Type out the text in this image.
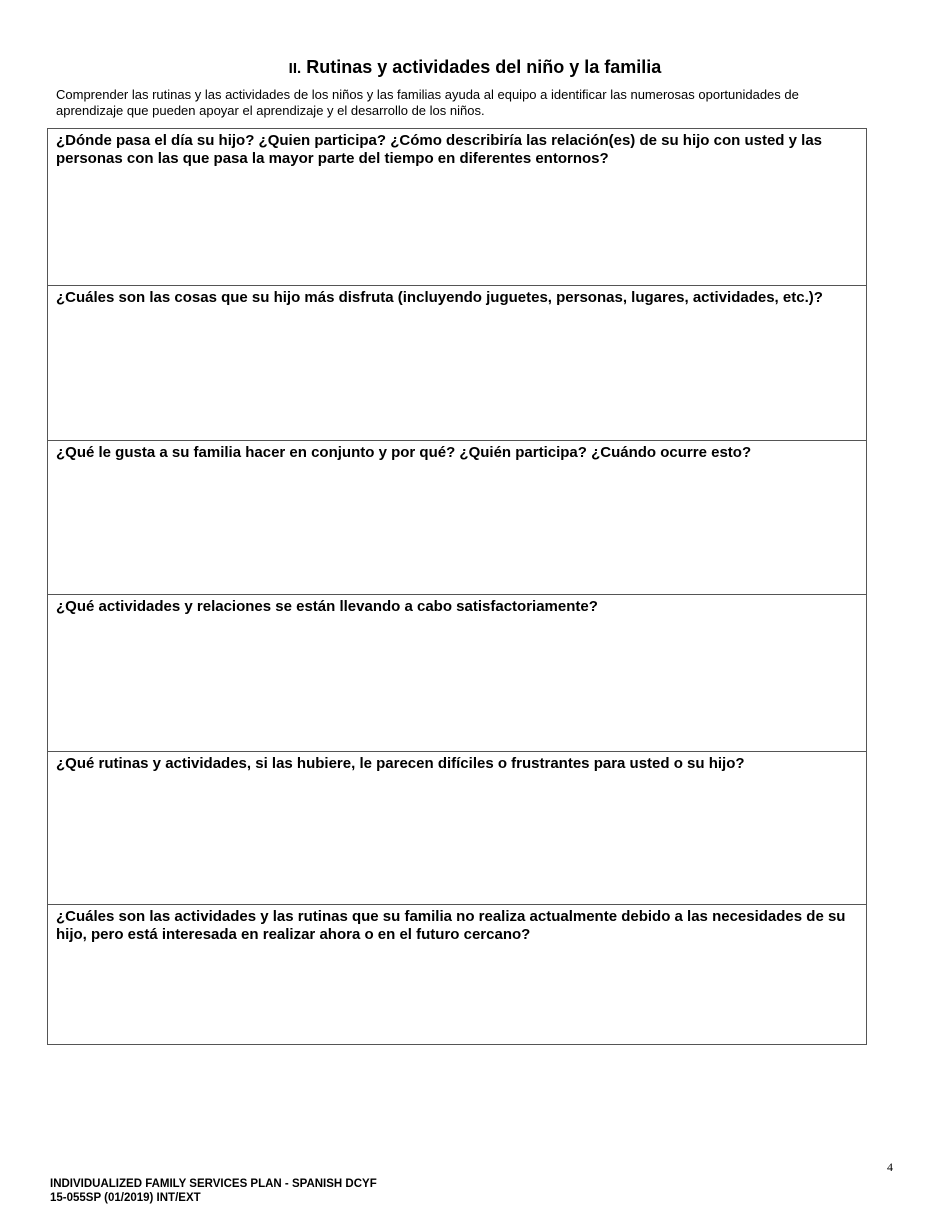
II. Rutinas y actividades del niño y la familia
Comprender las rutinas y las actividades de los niños y las familias ayuda al equipo a identificar las numerosas oportunidades de aprendizaje que pueden apoyar el aprendizaje y el desarrollo de los niños.
¿Dónde pasa el día su hijo? ¿Quien participa? ¿Cómo describiría las relación(es) de su hijo con usted y las personas con las que pasa la mayor parte del tiempo en diferentes entornos?
¿Cuáles son las cosas que su hijo más disfruta (incluyendo juguetes, personas, lugares, actividades, etc.)?
¿Qué le gusta a su familia hacer en conjunto y por qué? ¿Quién participa? ¿Cuándo ocurre esto?
¿Qué actividades y relaciones se están llevando a cabo satisfactoriamente?
¿Qué rutinas y actividades, si las hubiere, le parecen difíciles o frustrantes para usted o su hijo?
¿Cuáles son las actividades y las rutinas que su familia no realiza actualmente debido a las necesidades de su hijo, pero está interesada en realizar ahora o en el futuro cercano?
4
INDIVIDUALIZED FAMILY SERVICES PLAN - SPANISH DCYF
15-055SP (01/2019) INT/EXT
